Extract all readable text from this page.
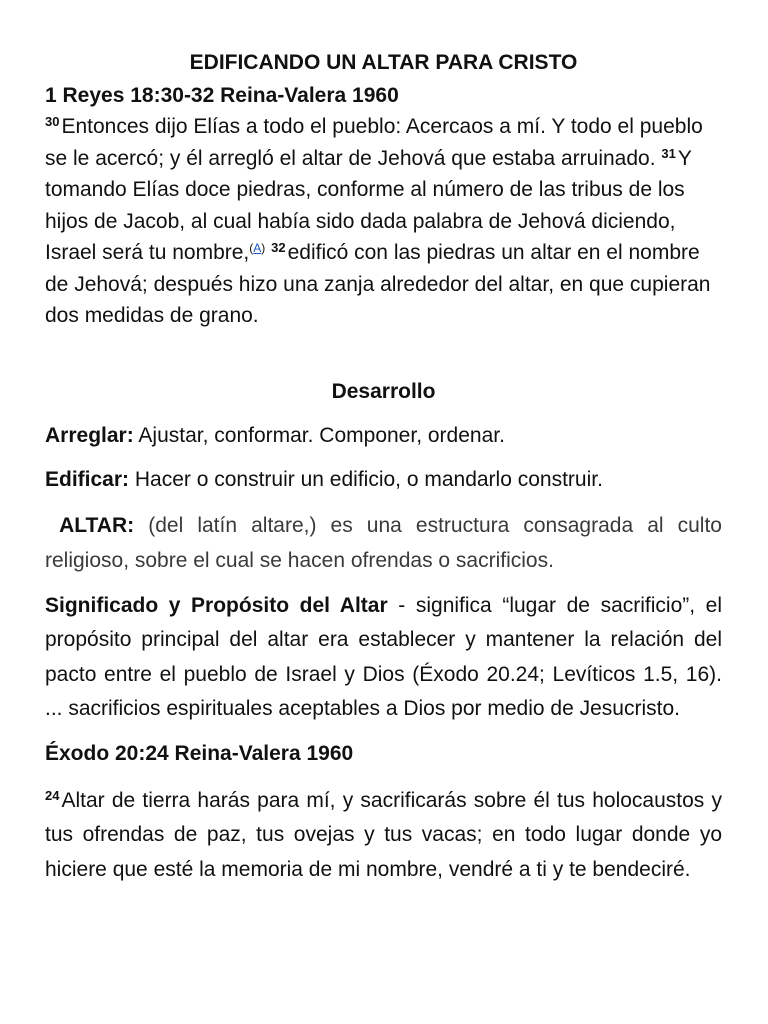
EDIFICANDO UN ALTAR PARA CRISTO
1 Reyes 18:30-32 Reina-Valera 1960

$^{30}$Entonces dijo Elías a todo el pueblo: Acercaos a mí. Y todo el pueblo se le acercó; y él arregló el altar de Jehová que estaba arruinado. $^{31}$Y tomando Elías doce piedras, conforme al número de las tribus de los hijos de Jacob, al cual había sido dada palabra de Jehová diciendo, Israel será tu nombre,$^{(A)}$ $^{32}$edificó con las piedras un altar en el nombre de Jehová; después hizo una zanja alrededor del altar, en que cupieran dos medidas de grano.

Desarrollo

Arreglar: Ajustar, conformar. Componer, ordenar.

Edificar: Hacer o construir un edificio, o mandarlo construir.

ALTAR: (del latín altare,) es una estructura consagrada al culto religioso, sobre el cual se hacen ofrendas o sacrificios.

Significado y Propósito del Altar - significa “lugar de sacrificio”, el propósito principal del altar era establecer y mantener la relación del pacto entre el pueblo de Israel y Dios (Éxodo 20.24; Levíticos 1.5, 16). ... sacrificios espirituales aceptables a Dios por medio de Jesucristo.

Éxodo 20:24 Reina-Valera 1960

$^{24}$Altar de tierra harás para mí, y sacrificarás sobre él tus holocaustos y tus ofrendas de paz, tus ovejas y tus vacas; en todo lugar donde yo hiciere que esté la memoria de mi nombre, vendré a ti y te bendeciré.
